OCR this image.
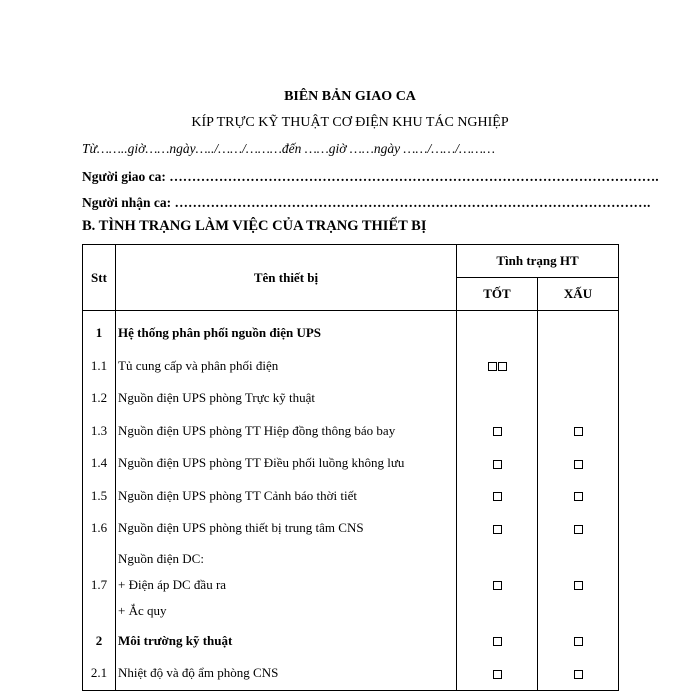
BIÊN BẢN GIAO CA
KÍP TRỰC KỸ THUẬT CƠ ĐIỆN KHU TÁC NGHIỆP
Từ……..giờ……ngày…../……/………đến ……giờ ……ngày ……/……/………
Người giao ca: ……………………………………………………………………………………………….
Người nhận ca: …………………………………………………………………………………………….
B. TÌNH TRẠNG LÀM VIỆC CỦA TRẠNG THIẾT BỊ
Stt	Tên thiết bị	Tình trạng HT	
		TỐT	XẤU
1	Hệ thống phân phối nguồn điện UPS		
1.1	Tủ cung cấp và phân phối điện		
1.2	Nguồn điện UPS phòng Trực kỹ thuật		
1.3	Nguồn điện UPS phòng TT Hiệp đồng thông báo bay		
1.4	Nguồn điện UPS phòng TT Điều phối luồng không lưu		
1.5	Nguồn điện UPS phòng TT Cảnh báo thời tiết		
1.6	Nguồn điện UPS phòng thiết bị trung tâm CNS		
1.7	Nguồn điện DC:
+ Điện áp DC đầu ra
+ Ắc quy		

2	Môi trường kỹ thuật		
2.1	Nhiệt độ và độ ẩm phòng CNS		
